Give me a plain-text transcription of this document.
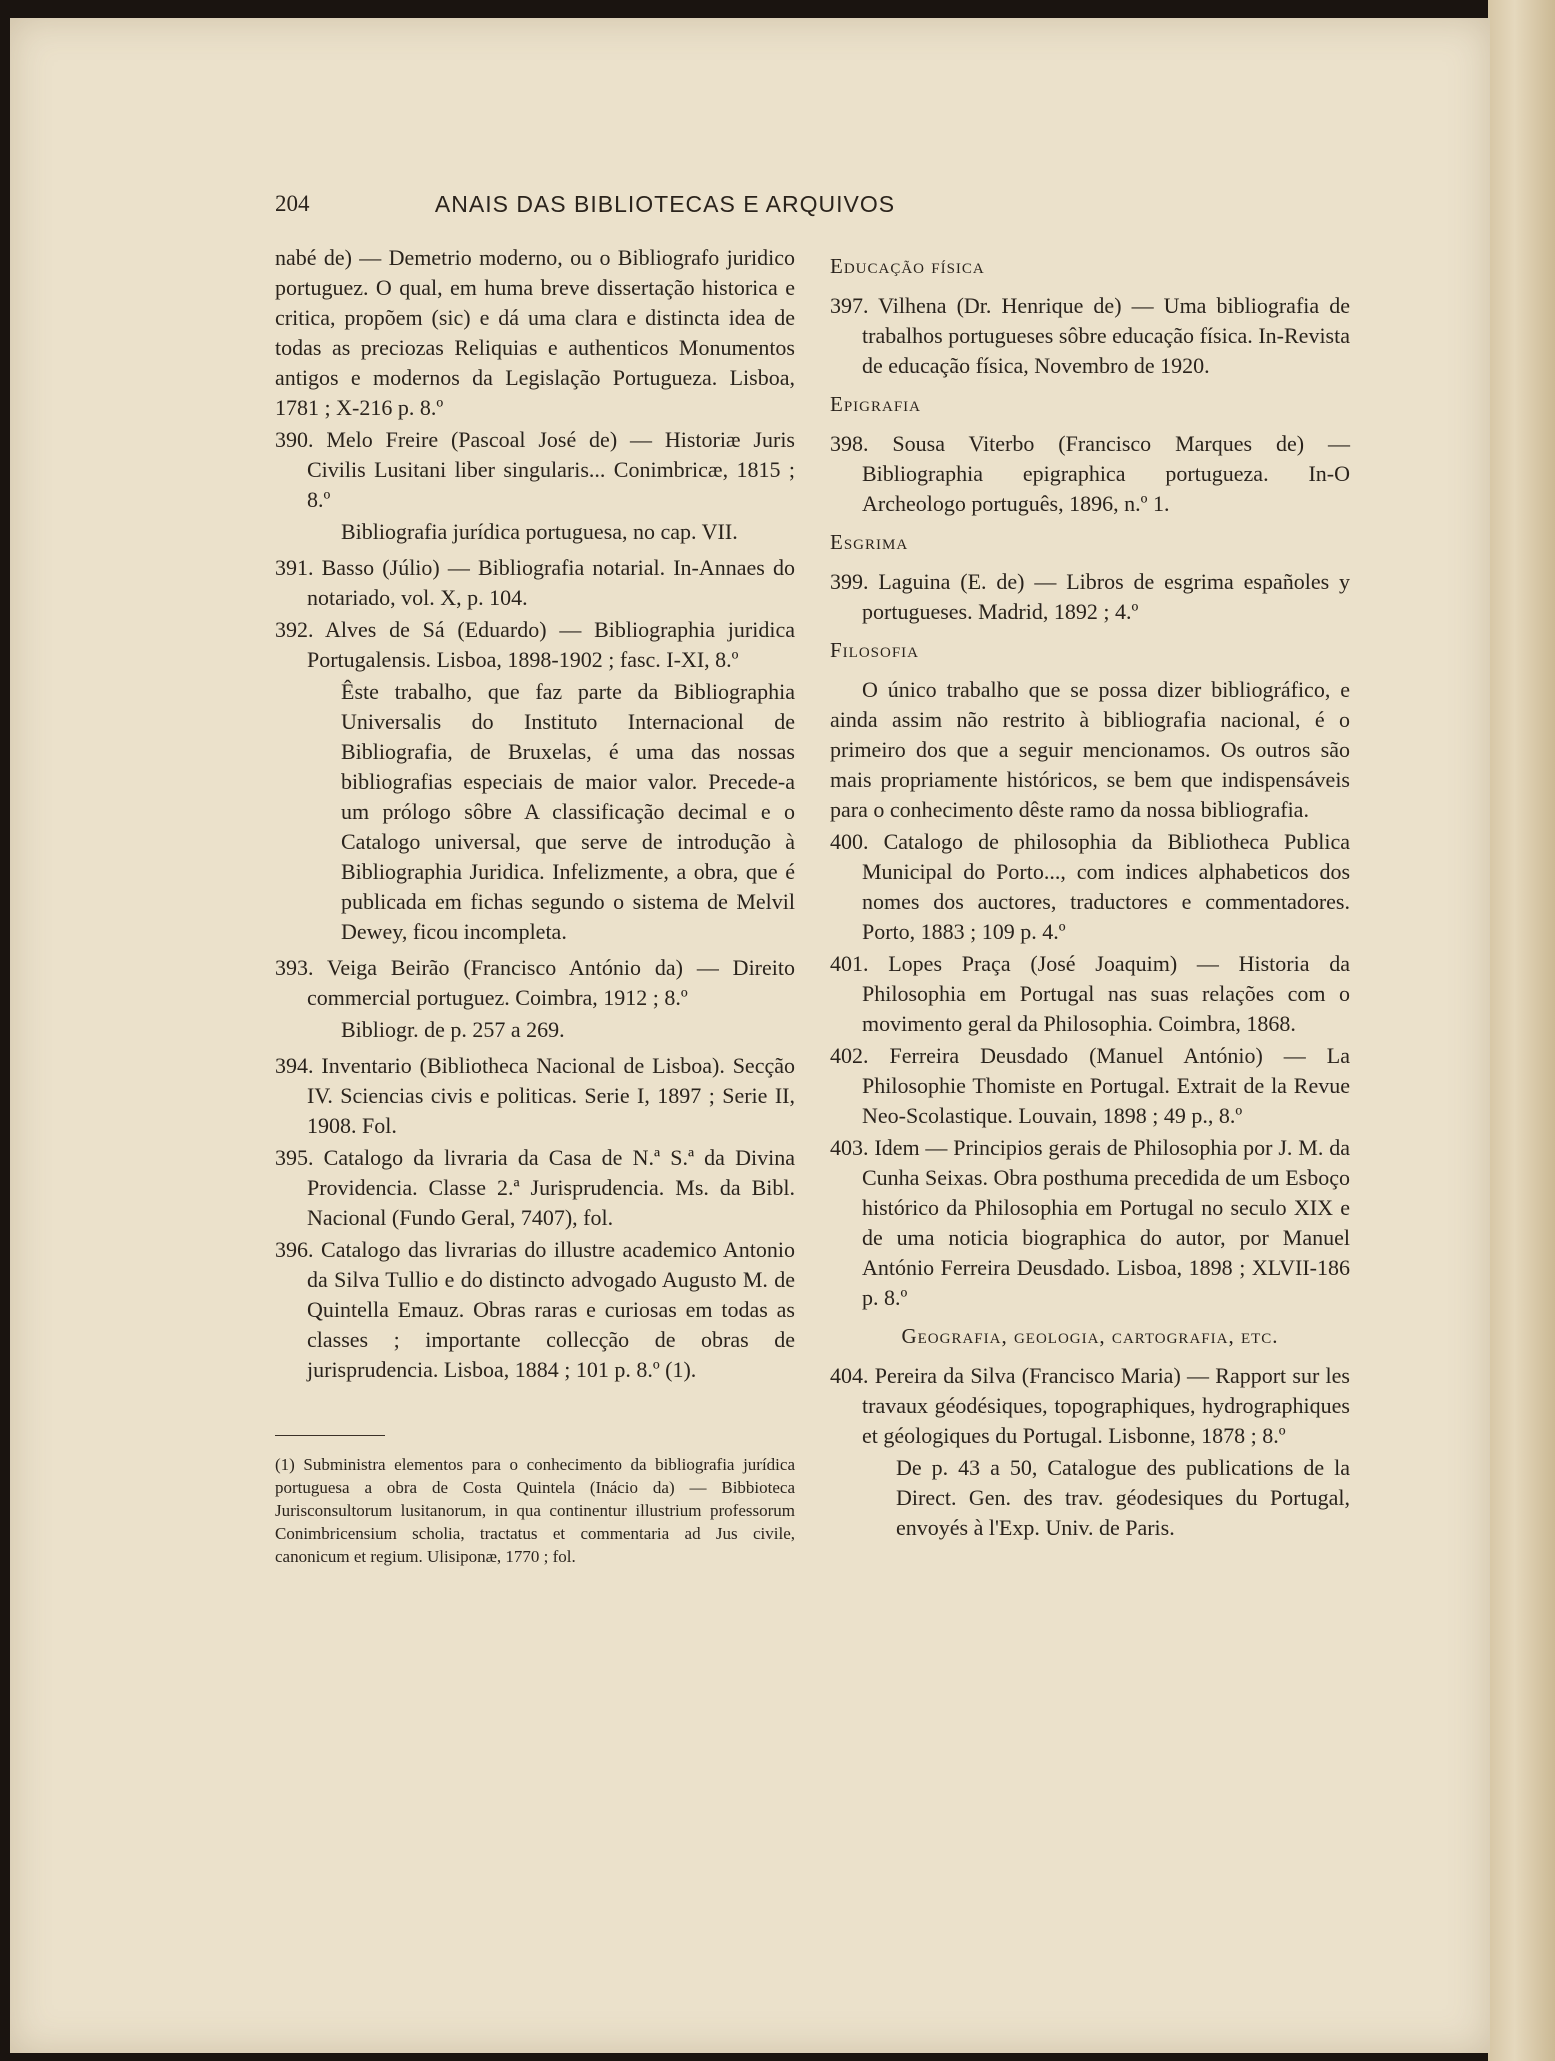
204	ANAIS DAS BIBLIOTECAS E ARQUIVOS

nabé de) — Demetrio moderno, ou o Bibliografo juridico portuguez. O qual, em huma breve dissertação historica e critica, propõem (sic) e dá uma clara e distincta idea de todas as preciozas Reliquias e authenticos Monumentos antigos e modernos da Legislação Portugueza. Lisboa, 1781 ; X-216 p. 8.º

390. Melo Freire (Pascoal José de) — Historiæ Juris Civilis Lusitani liber singularis... Conimbricæ, 1815 ; 8.º

Bibliografia jurídica portuguesa, no cap. VII.

391. Basso (Júlio) — Bibliografia notarial. In-Annaes do notariado, vol. X, p. 104.

392. Alves de Sá (Eduardo) — Bibliographia juridica Portugalensis. Lisboa, 1898-1902 ; fasc. I-XI, 8.º

Êste trabalho, que faz parte da Bibliographia Universalis do Instituto Internacional de Bibliografia, de Bruxelas, é uma das nossas bibliografias especiais de maior valor. Precede-a um prólogo sôbre A classificação decimal e o Catalogo universal, que serve de introdução à Bibliographia Juridica. Infelizmente, a obra, que é publicada em fichas segundo o sistema de Melvil Dewey, ficou incompleta.

393. Veiga Beirão (Francisco António da) — Direito commercial portuguez. Coimbra, 1912 ; 8.º

Bibliogr. de p. 257 a 269.

394. Inventario (Bibliotheca Nacional de Lisboa). Secção IV. Sciencias civis e politicas. Serie I, 1897 ; Serie II, 1908. Fol.

395. Catalogo da livraria da Casa de N.ª S.ª da Divina Providencia. Classe 2.ª Jurisprudencia. Ms. da Bibl. Nacional (Fundo Geral, 7407), fol.

396. Catalogo das livrarias do illustre academico Antonio da Silva Tullio e do distincto advogado Augusto M. de Quintella Emauz. Obras raras e curiosas em todas as classes ; importante collecção de obras de jurisprudencia. Lisboa, 1884 ; 101 p. 8.º (1).

(1) Subministra elementos para o conhecimento da bibliografia jurídica portuguesa a obra de Costa Quintela (Inácio da) — Bibbioteca Jurisconsultorum lusitanorum, in qua continentur illustrium professorum Conimbricensium scholia, tractatus et commentaria ad Jus civile, canonicum et regium. Ulisiponæ, 1770 ; fol.

Educação física

397. Vilhena (Dr. Henrique de) — Uma bibliografia de trabalhos portugueses sôbre educação física. In-Revista de educação física, Novembro de 1920.

Epigrafia

398. Sousa Viterbo (Francisco Marques de) — Bibliographia epigraphica portugueza. In-O Archeologo português, 1896, n.º 1.

Esgrima

399. Laguina (E. de) — Libros de esgrima españoles y portugueses. Madrid, 1892 ; 4.º

Filosofia

O único trabalho que se possa dizer bibliográfico, e ainda assim não restrito à bibliografia nacional, é o primeiro dos que a seguir mencionamos. Os outros são mais propriamente históricos, se bem que indispensáveis para o conhecimento dêste ramo da nossa bibliografia.

400. Catalogo de philosophia da Bibliotheca Publica Municipal do Porto..., com indices alphabeticos dos nomes dos auctores, traductores e commentadores. Porto, 1883 ; 109 p. 4.º

401. Lopes Praça (José Joaquim) — Historia da Philosophia em Portugal nas suas relações com o movimento geral da Philosophia. Coimbra, 1868.

402. Ferreira Deusdado (Manuel António) — La Philosophie Thomiste en Portugal. Extrait de la Revue Neo-Scolastique. Louvain, 1898 ; 49 p., 8.º

403. Idem — Principios gerais de Philosophia por J. M. da Cunha Seixas. Obra posthuma precedida de um Esboço histórico da Philosophia em Portugal no seculo XIX e de uma noticia biographica do autor, por Manuel António Ferreira Deusdado. Lisboa, 1898 ; XLVII-186 p. 8.º

Geografia, geologia, cartografia, etc.

404. Pereira da Silva (Francisco Maria) — Rapport sur les travaux géodésiques, topographiques, hydrographiques et géologiques du Portugal. Lisbonne, 1878 ; 8.º

De p. 43 a 50, Catalogue des publications de la Direct. Gen. des trav. géodesiques du Portugal, envoyés à l'Exp. Univ. de Paris.
